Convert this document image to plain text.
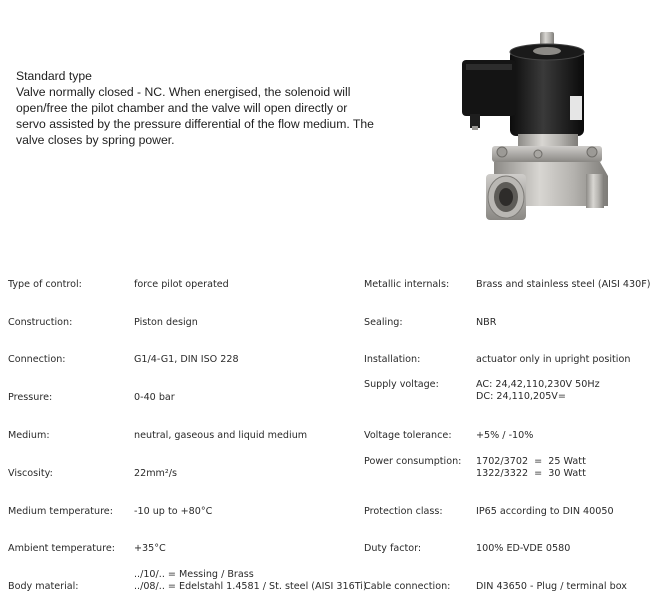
Standard type
Valve normally closed - NC. When energised, the solenoid will
open/free the pilot chamber and the valve will open directly or
servo assisted by the pressure differential of the flow medium. The
valve closes by spring power.
Type of control:	force pilot operated
Construction:	Piston design
Connection:	G1/4-G1, DIN ISO 228
Pressure:	0-40 bar
Medium:	neutral, gaseous and liquid medium
Viscosity:	22mm²/s
Medium temperature: -10 up to +80°C
Ambient temperature: +35°C
Body material:
../10/.. = Messing / Brass
../08/.. = Edelstahl 1.4581 / St. steel (AISI 316Ti)
Metallic internals:	Brass and stainless steel (AISI 430F)
Sealing:	NBR
Installation:	actuator only in upright position
Supply voltage:	AC: 24,42,110,230V 50Hz
DC: 24,110,205V=
Voltage tolerance:	+5% / -10%
Power consumption: 1702/3702  =  25 Watt
1322/3322  =  30 Watt
Protection class:	IP65 according to DIN 40050
Duty factor:	100% ED-VDE 0580
Cable connection:	DIN 43650 - Plug / terminal box
